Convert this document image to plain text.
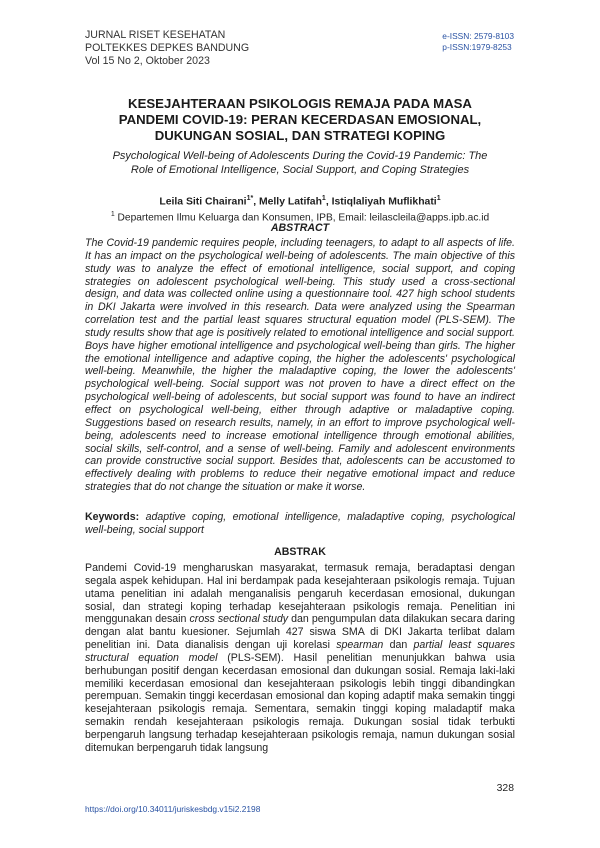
JURNAL RISET KESEHATAN
POLTEKKES DEPKES BANDUNG
Vol 15 No 2, Oktober 2023
e-ISSN: 2579-8103
p-ISSN:1979-8253
KESEJAHTERAAN PSIKOLOGIS REMAJA PADA MASA
PANDEMI COVID-19: PERAN KECERDASAN EMOSIONAL,
DUKUNGAN SOSIAL, DAN STRATEGI KOPING
Psychological Well-being of Adolescents During the Covid-19 Pandemic: The
Role of Emotional Intelligence, Social Support, and Coping Strategies
Leila Siti Chairani$^{1*}$, Melly Latifah$^1$, Istiqlaliyah Muflikhati$^1$
$^1$ Departemen Ilmu Keluarga dan Konsumen, IPB, Email: leilascleila@apps.ipb.ac.id
ABSTRACT
The Covid-19 pandemic requires people, including teenagers, to adapt to all aspects of life. It has an impact on the psychological well-being of adolescents. The main objective of this study was to analyze the effect of emotional intelligence, social support, and coping strategies on adolescent psychological well-being. This study used a cross-sectional design, and data was collected online using a questionnaire tool. 427 high school students in DKI Jakarta were involved in this research. Data were analyzed using the Spearman correlation test and the partial least squares structural equation model (PLS-SEM). The study results show that age is positively related to emotional intelligence and social support. Boys have higher emotional intelligence and psychological well-being than girls. The higher the emotional intelligence and adaptive coping, the higher the adolescents' psychological well-being. Meanwhile, the higher the maladaptive coping, the lower the adolescents' psychological well-being. Social support was not proven to have a direct effect on the psychological well-being of adolescents, but social support was found to have an indirect effect on psychological well-being, either through adaptive or maladaptive coping. Suggestions based on research results, namely, in an effort to improve psychological well-being, adolescents need to increase emotional intelligence through emotional abilities, social skills, self-control, and a sense of well-being. Family and adolescent environments can provide constructive social support. Besides that, adolescents can be accustomed to effectively dealing with problems to reduce their negative emotional impact and reduce strategies that do not change the situation or make it worse.
Keywords: adaptive coping, emotional intelligence, maladaptive coping, psychological well-being, social support
ABSTRAK
Pandemi Covid-19 mengharuskan masyarakat, termasuk remaja, beradaptasi dengan segala aspek kehidupan. Hal ini berdampak pada kesejahteraan psikologis remaja. Tujuan utama penelitian ini adalah menganalisis pengaruh kecerdasan emosional, dukungan sosial, dan strategi koping terhadap kesejahteraan psikologis remaja. Penelitian ini menggunakan desain cross sectional study dan pengumpulan data dilakukan secara daring dengan alat bantu kuesioner. Sejumlah 427 siswa SMA di DKI Jakarta terlibat dalam penelitian ini. Data dianalisis dengan uji korelasi spearman dan partial least squares structural equation model (PLS-SEM). Hasil penelitian menunjukkan bahwa usia berhubungan positif dengan kecerdasan emosional dan dukungan sosial. Remaja laki-laki memiliki kecerdasan emosional dan kesejahteraan psikologis lebih tinggi dibandingkan perempuan. Semakin tinggi kecerdasan emosional dan koping adaptif maka semakin tinggi kesejahteraan psikologis remaja. Sementara, semakin tinggi koping maladaptif maka semakin rendah kesejahteraan psikologis remaja. Dukungan sosial tidak terbukti berpengaruh langsung terhadap kesejahteraan psikologis remaja, namun dukungan sosial ditemukan berpengaruh tidak langsung
328
https://doi.org/10.34011/juriskesbdg.v15i2.2198
